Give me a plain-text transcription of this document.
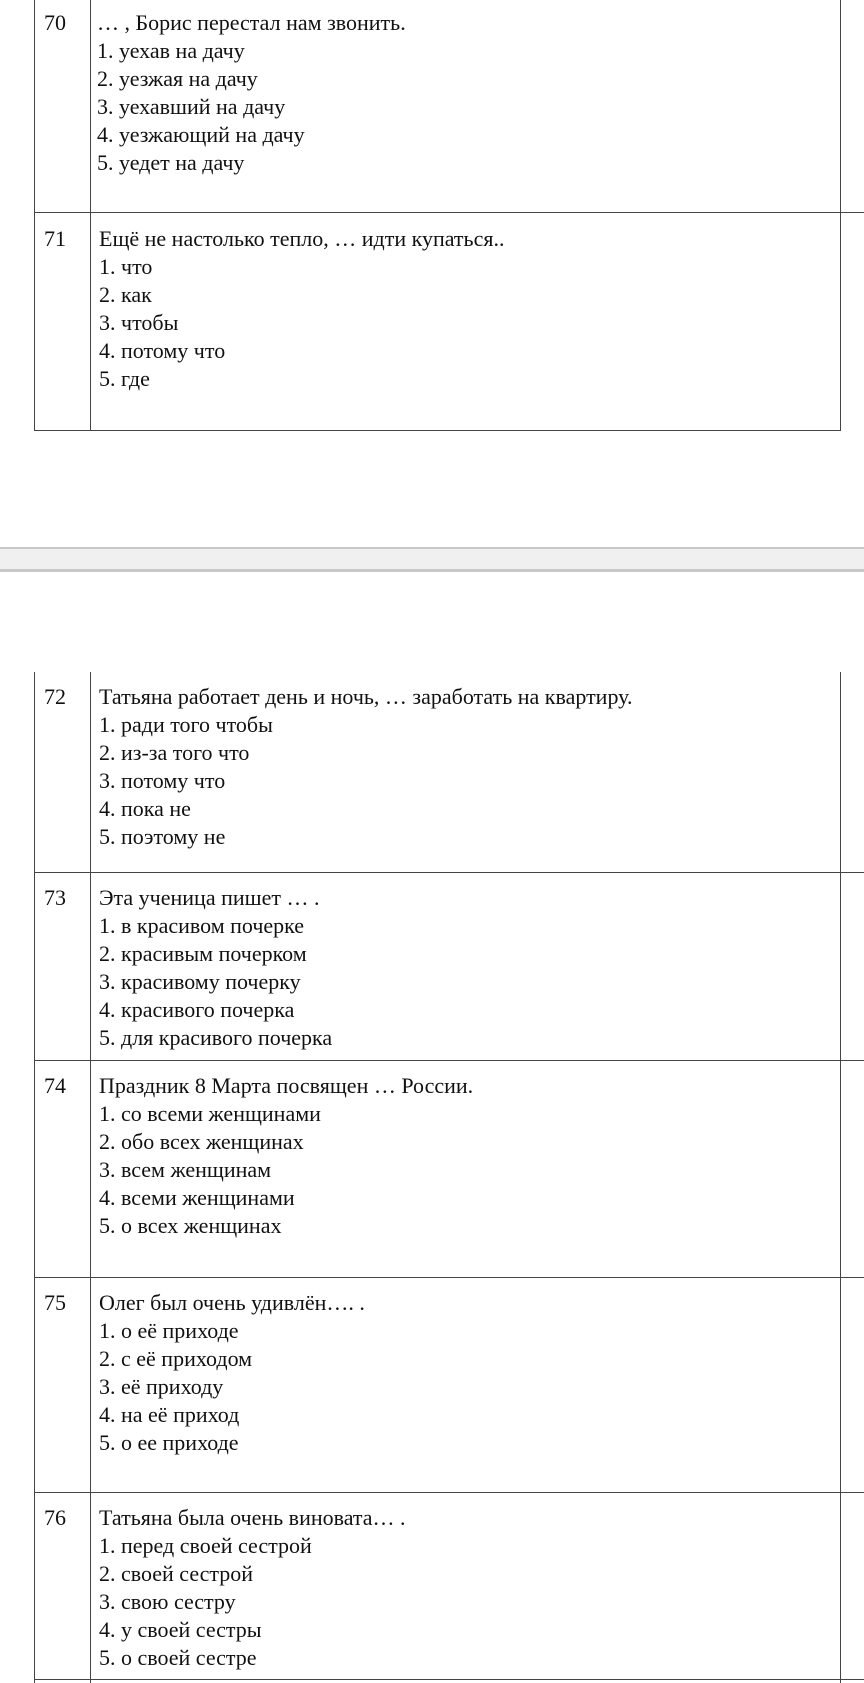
70 … , Борис перестал нам звонить.
1. уехав на дачу
2. уезжая на дачу
3. уехавший на дачу
4. уезжающий на дачу
5. уедет на дачу
71 Ещё не настолько тепло, … идти купаться..
1. что
2. как
3. чтобы
4. потому что
5. где
72 Татьяна работает день и ночь, … заработать на квартиру.
1. ради того чтобы
2. из-за того что
3. потому что
4. пока не
5. поэтому не
73 Эта ученица пишет … .
1. в красивом почерке
2. красивым почерком
3. красивому почерку
4. красивого почерка
5. для красивого почерка
74 Праздник 8 Марта посвящен … России.
1. со всеми женщинами
2. обо всех женщинах
3. всем женщинам
4. всеми женщинами
5. о всех женщинах
75 Олег был очень удивлён…. .
1. о её приходе
2. с её приходом
3. её приходу
4. на её приход
5. о ее приходе
76 Татьяна была очень виновата… .
1. перед своей сестрой
2. своей сестрой
3. свою сестру
4. у своей сестры
5. о своей сестре
